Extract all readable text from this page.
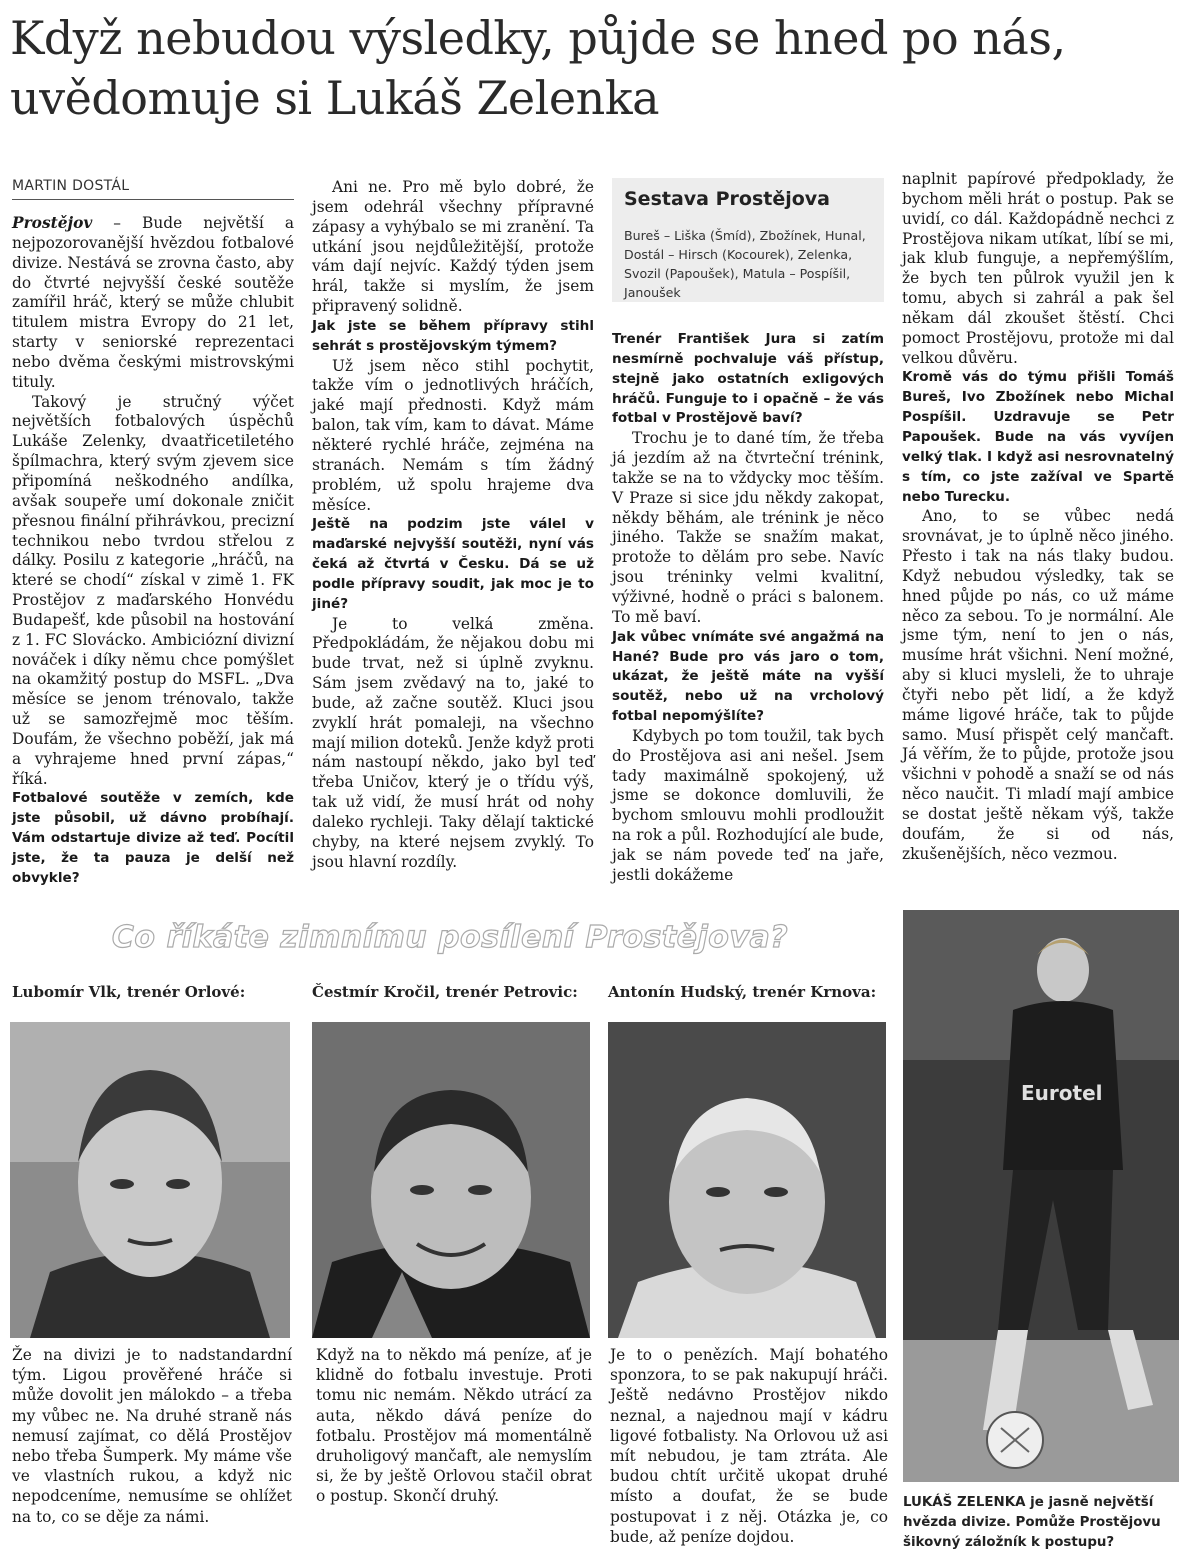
Když nebudou výsledky, půjde se hned po nás, uvědomuje si Lukáš Zelenka
MARTIN DOSTÁL

Prostějov – Bude největší a nejpozorovanější hvězdou fotbalové divize. Nestává se zrovna často, aby do čtvrté nejvyšší české soutěže zamířil hráč, který se může chlubit titulem mistra Evropy do 21 let, starty v seniorské reprezentaci nebo dvěma českými mistrovskými tituly.

Takový je stručný výčet největších fotbalových úspěchů Lukáše Zelenky, dvaatřicetiletého špílmachra, který svým zjevem sice připomíná neškodného andílka, avšak soupeře umí dokonale zničit přesnou finální přihrávkou, precizní technikou nebo tvrdou střelou z dálky. Posilu z kategorie „hráčů, na které se chodí“ získal v zimě 1. FK Prostějov z maďarského Honvédu Budapešť, kde působil na hostování z 1. FC Slovácko. Ambiciózní divizní nováček i díky němu chce pomýšlet na okamžitý postup do MSFL. „Dva měsíce se jenom trénovalo, takže už se samozřejmě moc těším. Doufám, že všechno poběží, jak má a vyhrajeme hned první zápas,“ říká.

Fotbalové soutěže v zemích, kde jste působil, už dávno probíhají. Vám odstartuje divize až teď. Pocítil jste, že ta pauza je delší než obvykle?

Ani ne. Pro mě bylo dobré, že jsem odehrál všechny přípravné zápasy a vyhýbalo se mi zranění. Ta utkání jsou nejdůležitější, protože vám dají nejvíc. Každý týden jsem hrál, takže si myslím, že jsem připravený solidně.

Jak jste se během přípravy stihl sehrát s prostějovským týmem?

Už jsem něco stihl pochytit, takže vím o jednotlivých hráčích, jaké mají přednosti. Když mám balon, tak vím, kam to dávat. Máme některé rychlé hráče, zejména na stranách. Nemám s tím žádný problém, už spolu hrajeme dva měsíce.

Ještě na podzim jste válel v maďarské nejvyšší soutěži, nyní vás čeká až čtvrtá v Česku. Dá se už podle přípravy soudit, jak moc je to jiné?

Je to velká změna. Předpokládám, že nějakou dobu mi bude trvat, než si úplně zvyknu. Sám jsem zvědavý na to, jaké to bude, až začne soutěž. Kluci jsou zvyklí hrát pomaleji, na všechno mají milion doteků. Jenže když proti nám nastoupí někdo, jako byl teď třeba Uničov, který je o třídu výš, tak už vidí, že musí hrát od nohy daleko rychleji. Taky dělají taktické chyby, na které nejsem zvyklý. To jsou hlavní rozdíly.

Sestava Prostějova
Bureš – Liška (Šmíd), Zbožínek, Hunal, Dostál – Hirsch (Kocourek), Zelenka, Svozil (Papoušek), Matula – Pospíšil, Janoušek

Trenér František Jura si zatím nesmírně pochvaluje váš přístup, stejně jako ostatních exligových hráčů. Funguje to i opačně – že vás fotbal v Prostějově baví?

Trochu je to dané tím, že třeba já jezdím až na čtvrteční trénink, takže se na to vždycky moc těším. V Praze si sice jdu někdy zakopat, někdy běhám, ale trénink je něco jiného. Takže se snažím makat, protože to dělám pro sebe. Navíc jsou tréninky velmi kvalitní, výživné, hodně o práci s balonem. To mě baví.

Jak vůbec vnímáte své angažmá na Hané? Bude pro vás jaro o tom, ukázat, že ještě máte na vyšší soutěž, nebo už na vrcholový fotbal nepomýšlíte?

Kdybych po tom toužil, tak bych do Prostějova asi ani nešel. Jsem tady maximálně spokojený, už jsme se dokonce domluvili, že bychom smlouvu mohli prodloužit na rok a půl. Rozhodující ale bude, jak se nám povede teď na jaře, jestli dokážeme

naplnit papírové předpoklady, že bychom měli hrát o postup. Pak se uvidí, co dál. Každopádně nechci z Prostějova nikam utíkat, líbí se mi, jak klub funguje, a nepřemýšlím, že bych ten půlrok využil jen k tomu, abych si zahrál a pak šel někam dál zkoušet štěstí. Chci pomoct Prostějovu, protože mi dal velkou důvěru.

Kromě vás do týmu přišli Tomáš Bureš, Ivo Zbožínek nebo Michal Pospíšil. Uzdravuje se Petr Papoušek. Bude na vás vyvíjen velký tlak. I když asi nesrovnatelný s tím, co jste zažíval ve Spartě nebo Turecku.

Ano, to se vůbec nedá srovnávat, je to úplně něco jiného. Přesto i tak na nás tlaky budou. Když nebudou výsledky, tak se hned půjde po nás, co už máme něco za sebou. To je normální. Ale jsme tým, není to jen o nás, musíme hrát všichni. Není možné, aby si kluci mysleli, že to uhraje čtyři nebo pět lidí, a že když máme ligové hráče, tak to půjde samo. Musí přispět celý mančaft. Já věřím, že to půjde, protože jsou všichni v pohodě a snaží se od nás něco naučit. Ti mladí mají ambice se dostat ještě někam výš, takže doufám, že si od nás, zkušenějších, něco vezmou.

Co říkáte zimnímu posílení Prostějova?
Lubomír Vlk, trenér Orlové:

Že na divizi je to nadstandardní tým. Ligou prověřené hráče si může dovolit jen málokdo – a třeba my vůbec ne. Na druhé straně nás nemusí zajímat, co dělá Prostějov nebo třeba Šumperk. My máme vše ve vlastních rukou, a když nic nepodceníme, nemusíme se ohlížet na to, co se děje za námi.

Čestmír Kročil, trenér Petrovic:

Když na to někdo má peníze, ať je klidně do fotbalu investuje. Proti tomu nic nemám. Někdo utrácí za auta, někdo dává peníze do fotbalu. Prostějov má momentálně druholigový mančaft, ale nemyslím si, že by ještě Orlovou stačil obrat o postup. Skončí druhý.

Antonín Hudský, trenér Krnova:

Je to o penězích. Mají bohatého sponzora, to se pak nakupují hráči. Ještě nedávno Prostějov nikdo neznal, a najednou mají v kádru ligové fotbalisty. Na Orlovou už asi mít nebudou, je tam ztráta. Ale budou chtít určitě ukopat druhé místo a doufat, že se bude postupovat i z něj. Otázka je, co bude, až peníze dojdou.

Eurotel
LUKÁŠ ZELENKA je jasně největší hvězda divize. Pomůže Prostějovu šikovný záložník k postupu?
